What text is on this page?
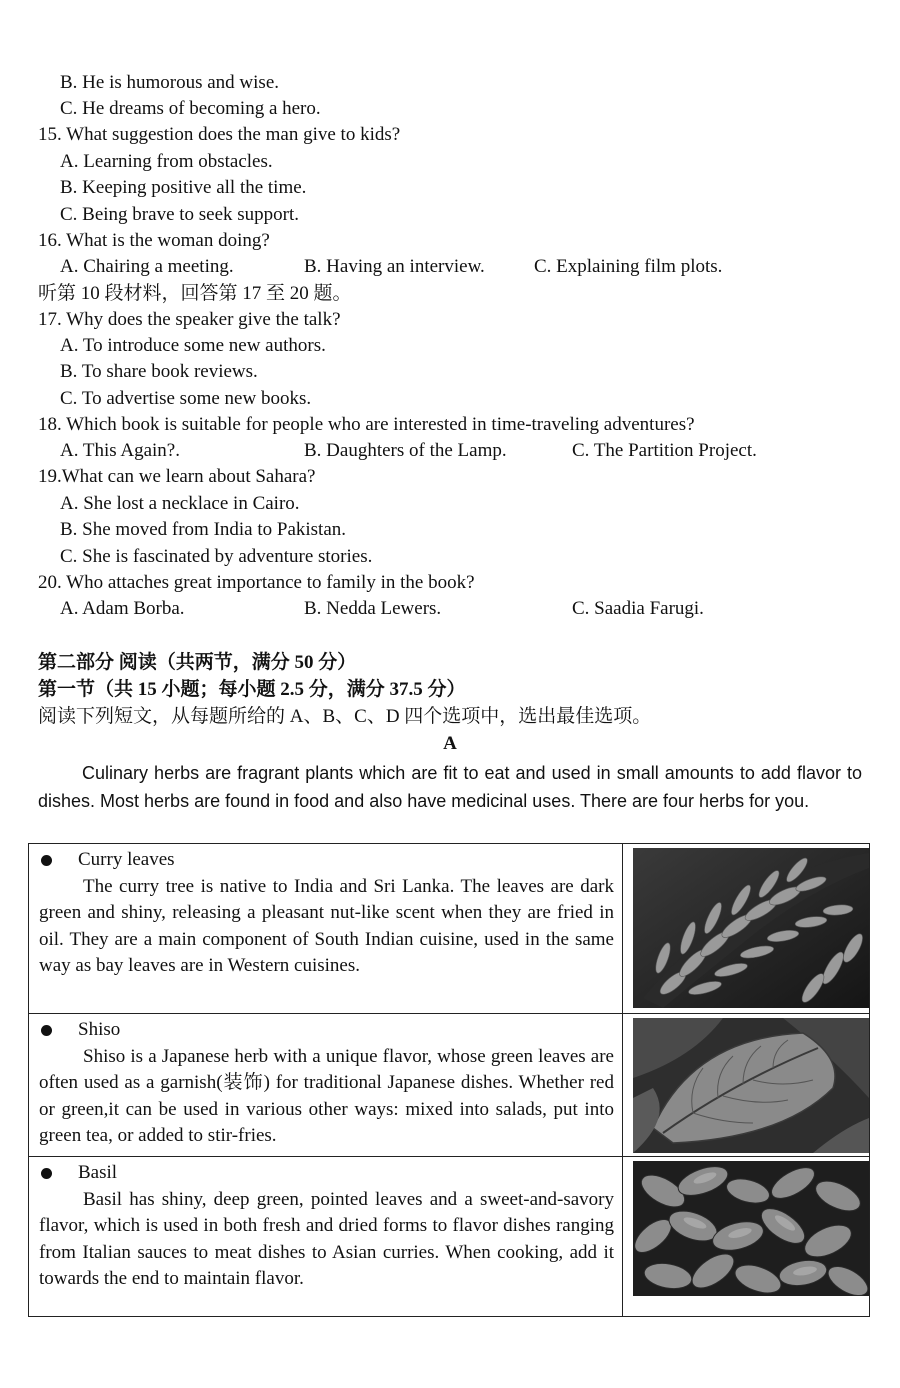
B. He is humorous and wise.
C. He dreams of becoming a hero.
15. What suggestion does the man give to kids?
A. Learning from obstacles.
B. Keeping positive all the time.
C. Being brave to seek support.
16. What is the woman doing?
A. Chairing a meeting.	B. Having an interview.	C. Explaining film plots.
听第 10 段材料，回答第 17 至 20 题。
17. Why does the speaker give the talk?
A. To introduce some new authors.
B. To share book reviews.
C. To advertise some new books.
18. Which book is suitable for people who are interested in time-traveling adventures?
A. This Again?.	B. Daughters of the Lamp.	C. The Partition Project.
19.What can we learn about Sahara?
A. She lost a necklace in Cairo.
B. She moved from India to Pakistan.
C. She is fascinated by adventure stories.
20. Who attaches great importance to family in the book?
A. Adam Borba.	B. Nedda Lewers.	C. Saadia Farugi.
第二部分 阅读（共两节，满分 50 分）
第一节（共 15 小题；每小题 2.5 分，满分 37.5 分）
阅读下列短文，从每题所给的 A、B、C、D 四个选项中，选出最佳选项。
A
Culinary herbs are fragrant plants which are fit to eat and used in small amounts to add flavor to dishes. Most herbs are found in food and also have medicinal uses. There are four herbs for you.
Curry leaves
The curry tree is native to India and Sri Lanka. The leaves are dark green and shiny, releasing a pleasant nut-like scent when they are fried in oil. They are a main component of South Indian cuisine, used in the same way as bay leaves are in Western cuisines.
Shiso
Shiso is a Japanese herb with a unique flavor, whose green leaves are often used as a garnish(装饰) for traditional Japanese dishes. Whether red or green,it can be used in various other ways: mixed into salads, put into green tea, or added to stir-fries.
Basil
Basil has shiny, deep green, pointed leaves and a sweet-and-savory flavor, which is used in both fresh and dried forms to flavor dishes ranging from Italian sauces to meat dishes to Asian curries. When cooking, add it towards the end to maintain flavor.
